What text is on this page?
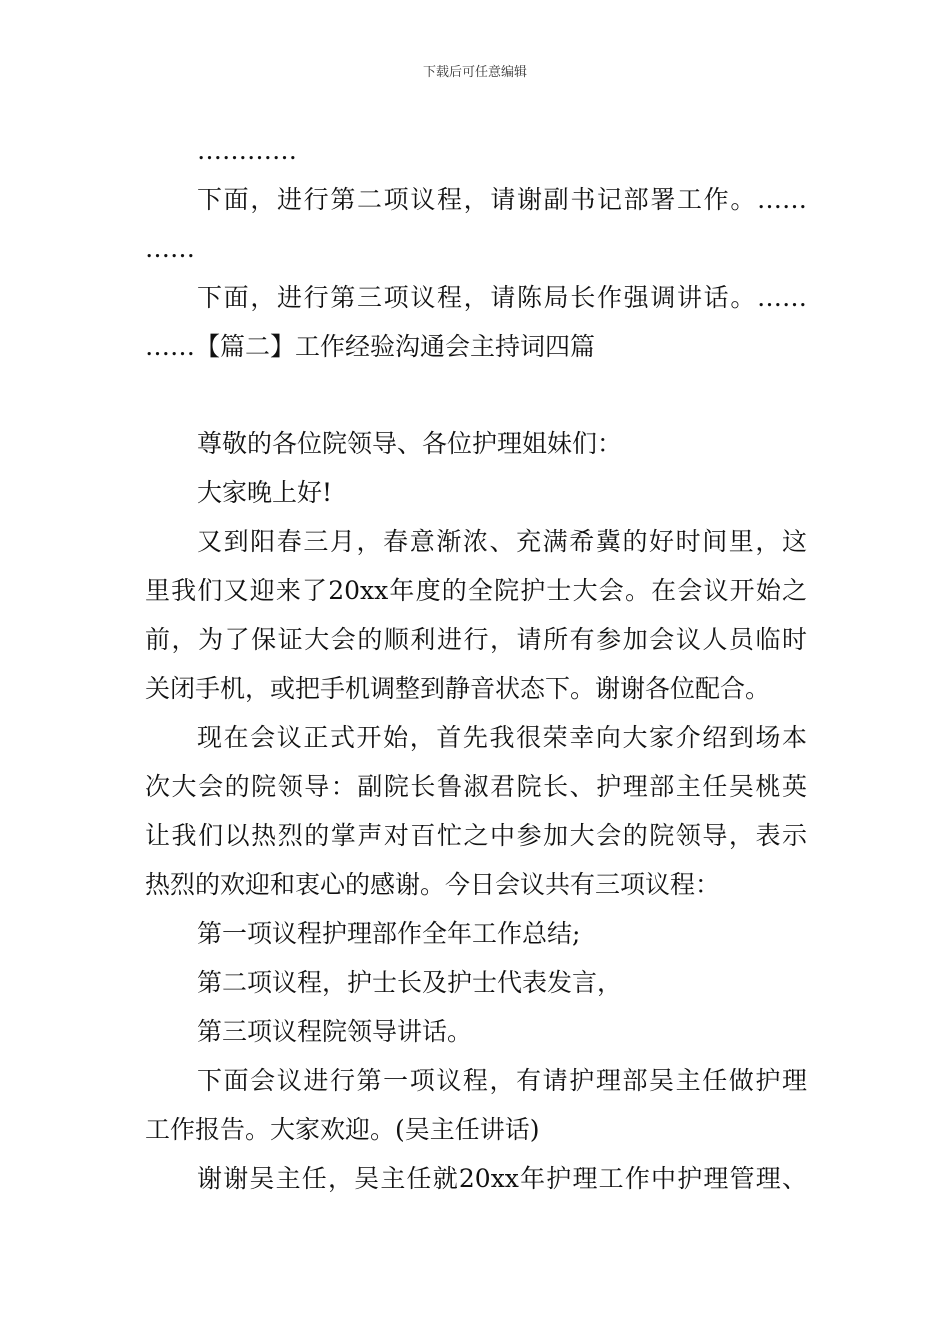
下载后可任意编辑
…………
下面，进行第二项议程，请谢副书记部署工作。……
……
下面，进行第三项议程，请陈局长作强调讲话。……
……【篇二】工作经验沟通会主持词四篇
尊敬的各位院领导、各位护理姐妹们：
大家晚上好!
又到阳春三月，春意渐浓、充满希冀的好时间里，这
里我们又迎来了20xx年度的全院护士大会。在会议开始之
前，为了保证大会的顺利进行，请所有参加会议人员临时
关闭手机，或把手机调整到静音状态下。谢谢各位配合。
现在会议正式开始，首先我很荣幸向大家介绍到场本
次大会的院领导：副院长鲁淑君院长、护理部主任吴桃英
让我们以热烈的掌声对百忙之中参加大会的院领导，表示
热烈的欢迎和衷心的感谢。今日会议共有三项议程：
第一项议程护理部作全年工作总结;
第二项议程，护士长及护士代表发言，
第三项议程院领导讲话。
下面会议进行第一项议程，有请护理部吴主任做护理
工作报告。大家欢迎。(吴主任讲话)
谢谢吴主任，吴主任就20xx年护理工作中护理管理、
